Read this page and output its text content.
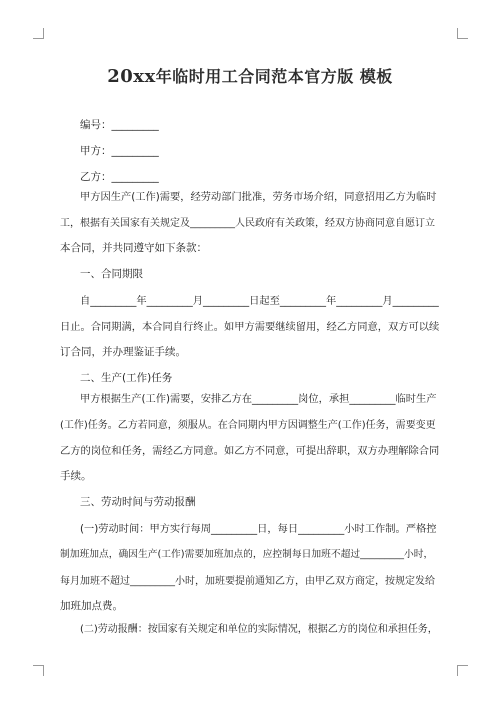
20xx年临时用工合同范本官方版 模板
编号：_________
甲方：_________
乙方：_________
甲方因生产(工作)需要，经劳动部门批准，劳务市场介绍，同意招用乙方为临时
工，根据有关国家有关规定及_________人民政府有关政策，经双方协商同意自愿订立
本合同，并共同遵守如下条款：
一、合同期限
自_________年_________月_________日起至_________年_________月_________
日止。合同期满，本合同自行终止。如甲方需要继续留用，经乙方同意，双方可以续
订合同，并办理鉴证手续。
二、生产(工作)任务
甲方根据生产(工作)需要，安排乙方在_________岗位，承担_________临时生产
(工作)任务。乙方若同意，须服从。在合同期内甲方因调整生产(工作)任务，需要变更
乙方的岗位和任务，需经乙方同意。如乙方不同意，可提出辞职，双方办理解除合同
手续。
三、劳动时间与劳动报酬
(一)劳动时间：甲方实行每周_________日，每日_________小时工作制。严格控
制加班加点，确因生产(工作)需要加班加点的，应控制每日加班不超过_________小时，
每月加班不超过_________小时，加班要提前通知乙方，由甲乙双方商定，按规定发给
加班加点费。
(二)劳动报酬：按国家有关规定和单位的实际情况，根据乙方的岗位和承担任务，
